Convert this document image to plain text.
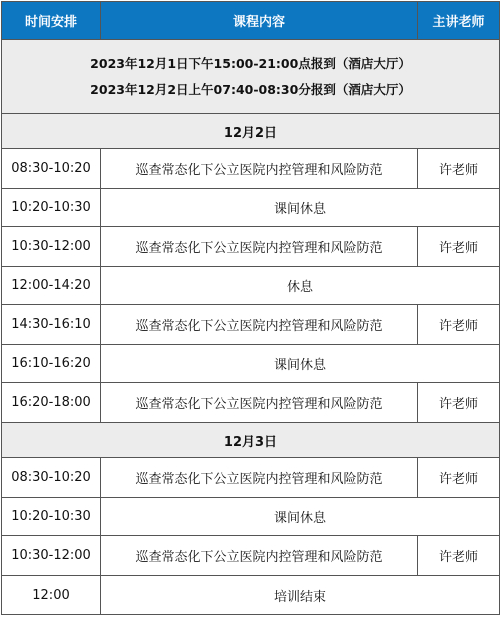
时间安排	课程内容	主讲老师

2023年12月1日下午15:00-21:00点报到（酒店大厅）
2023年12月2日上午07:40-08:30分报到（酒店大厅）		

12月2日		
08:30-10:20	巡查常态化下公立医院内控管理和风险防范	许老师
10:20-10:30	课间休息	
10:30-12:00	巡查常态化下公立医院内控管理和风险防范	许老师
12:00-14:20	休息	
14:30-16:10	巡查常态化下公立医院内控管理和风险防范	许老师
16:10-16:20	课间休息	
16:20-18:00	巡查常态化下公立医院内控管理和风险防范	许老师
12月3日		
08:30-10:20	巡查常态化下公立医院内控管理和风险防范	许老师
10:20-10:30	课间休息	
10:30-12:00	巡查常态化下公立医院内控管理和风险防范	许老师
12:00	培训结束	
